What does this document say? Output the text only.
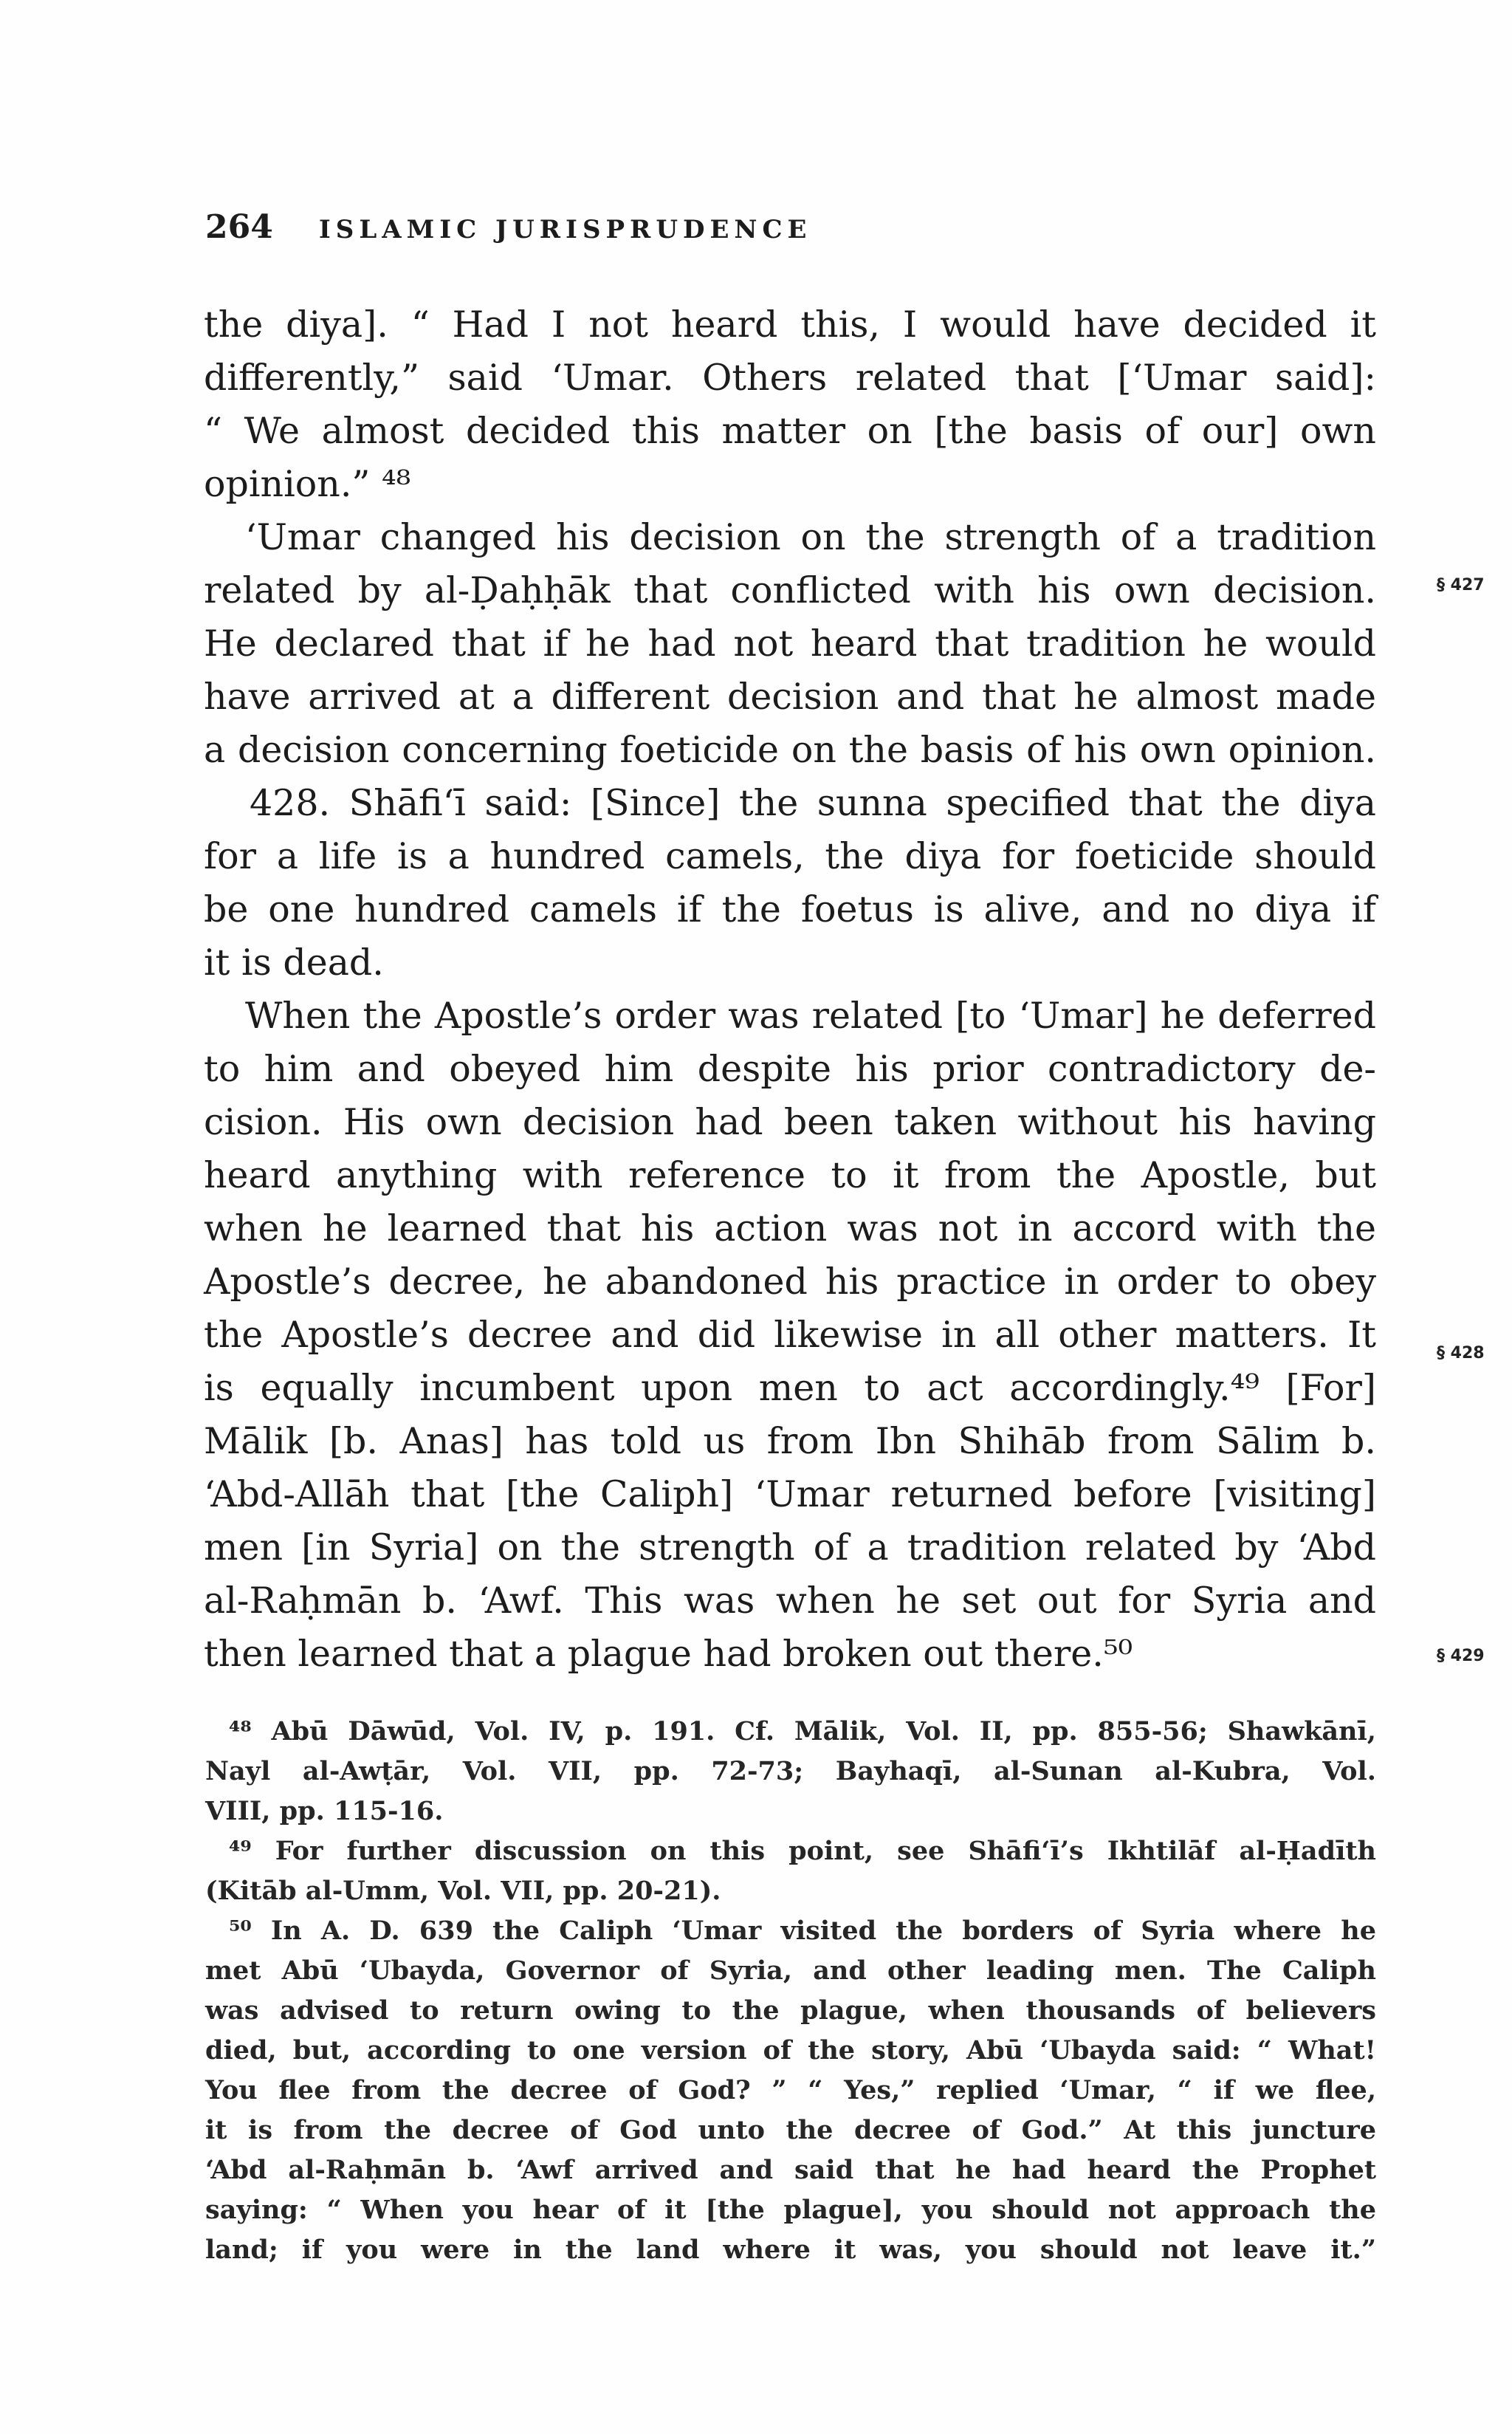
264 ISLAMIC JURISPRUDENCE
the diya]. “ Had I not heard this, I would have decided it
differently,” said ‘Umar. Others related that [‘Umar said]:
“ We almost decided this matter on [the basis of our] own
opinion.” ⁴⁸
‘Umar changed his decision on the strength of a tradition
related by al-Ḍaḥḥāk that conflicted with his own decision.
He declared that if he had not heard that tradition he would
have arrived at a different decision and that he almost made
a decision concerning foeticide on the basis of his own opinion.
428. Shāfi‘ī said: [Since] the sunna specified that the diya
for a life is a hundred camels, the diya for foeticide should
be one hundred camels if the foetus is alive, and no diya if
it is dead.
When the Apostle’s order was related [to ‘Umar] he deferred
to him and obeyed him despite his prior contradictory de-
cision. His own decision had been taken without his having
heard anything with reference to it from the Apostle, but
when he learned that his action was not in accord with the
Apostle’s decree, he abandoned his practice in order to obey
the Apostle’s decree and did likewise in all other matters. It
is equally incumbent upon men to act accordingly.⁴⁹ [For]
Mālik [b. Anas] has told us from Ibn Shihāb from Sālim b.
‘Abd-Allāh that [the Caliph] ‘Umar returned before [visiting]
men [in Syria] on the strength of a tradition related by ‘Abd
al-Raḥmān b. ‘Awf. This was when he set out for Syria and
then learned that a plague had broken out there.⁵⁰
§ 427
§ 428
§ 429
⁴⁸ Abū Dāwūd, Vol. IV, p. 191. Cf. Mālik, Vol. II, pp. 855-56; Shawkānī,
Nayl al-Awṭār, Vol. VII, pp. 72-73; Bayhaqī, al-Sunan al-Kubra, Vol.
VIII, pp. 115-16.
⁴⁹ For further discussion on this point, see Shāfi‘ī’s Ikhtilāf al-Ḥadīth
(Kitāb al-Umm, Vol. VII, pp. 20-21).
⁵⁰ In A. D. 639 the Caliph ‘Umar visited the borders of Syria where he
met Abū ‘Ubayda, Governor of Syria, and other leading men. The Caliph
was advised to return owing to the plague, when thousands of believers
died, but, according to one version of the story, Abū ‘Ubayda said: “ What!
You flee from the decree of God? ” “ Yes,” replied ‘Umar, “ if we flee,
it is from the decree of God unto the decree of God.” At this juncture
‘Abd al-Raḥmān b. ‘Awf arrived and said that he had heard the Prophet
saying: “ When you hear of it [the plague], you should not approach the
land; if you were in the land where it was, you should not leave it.”
